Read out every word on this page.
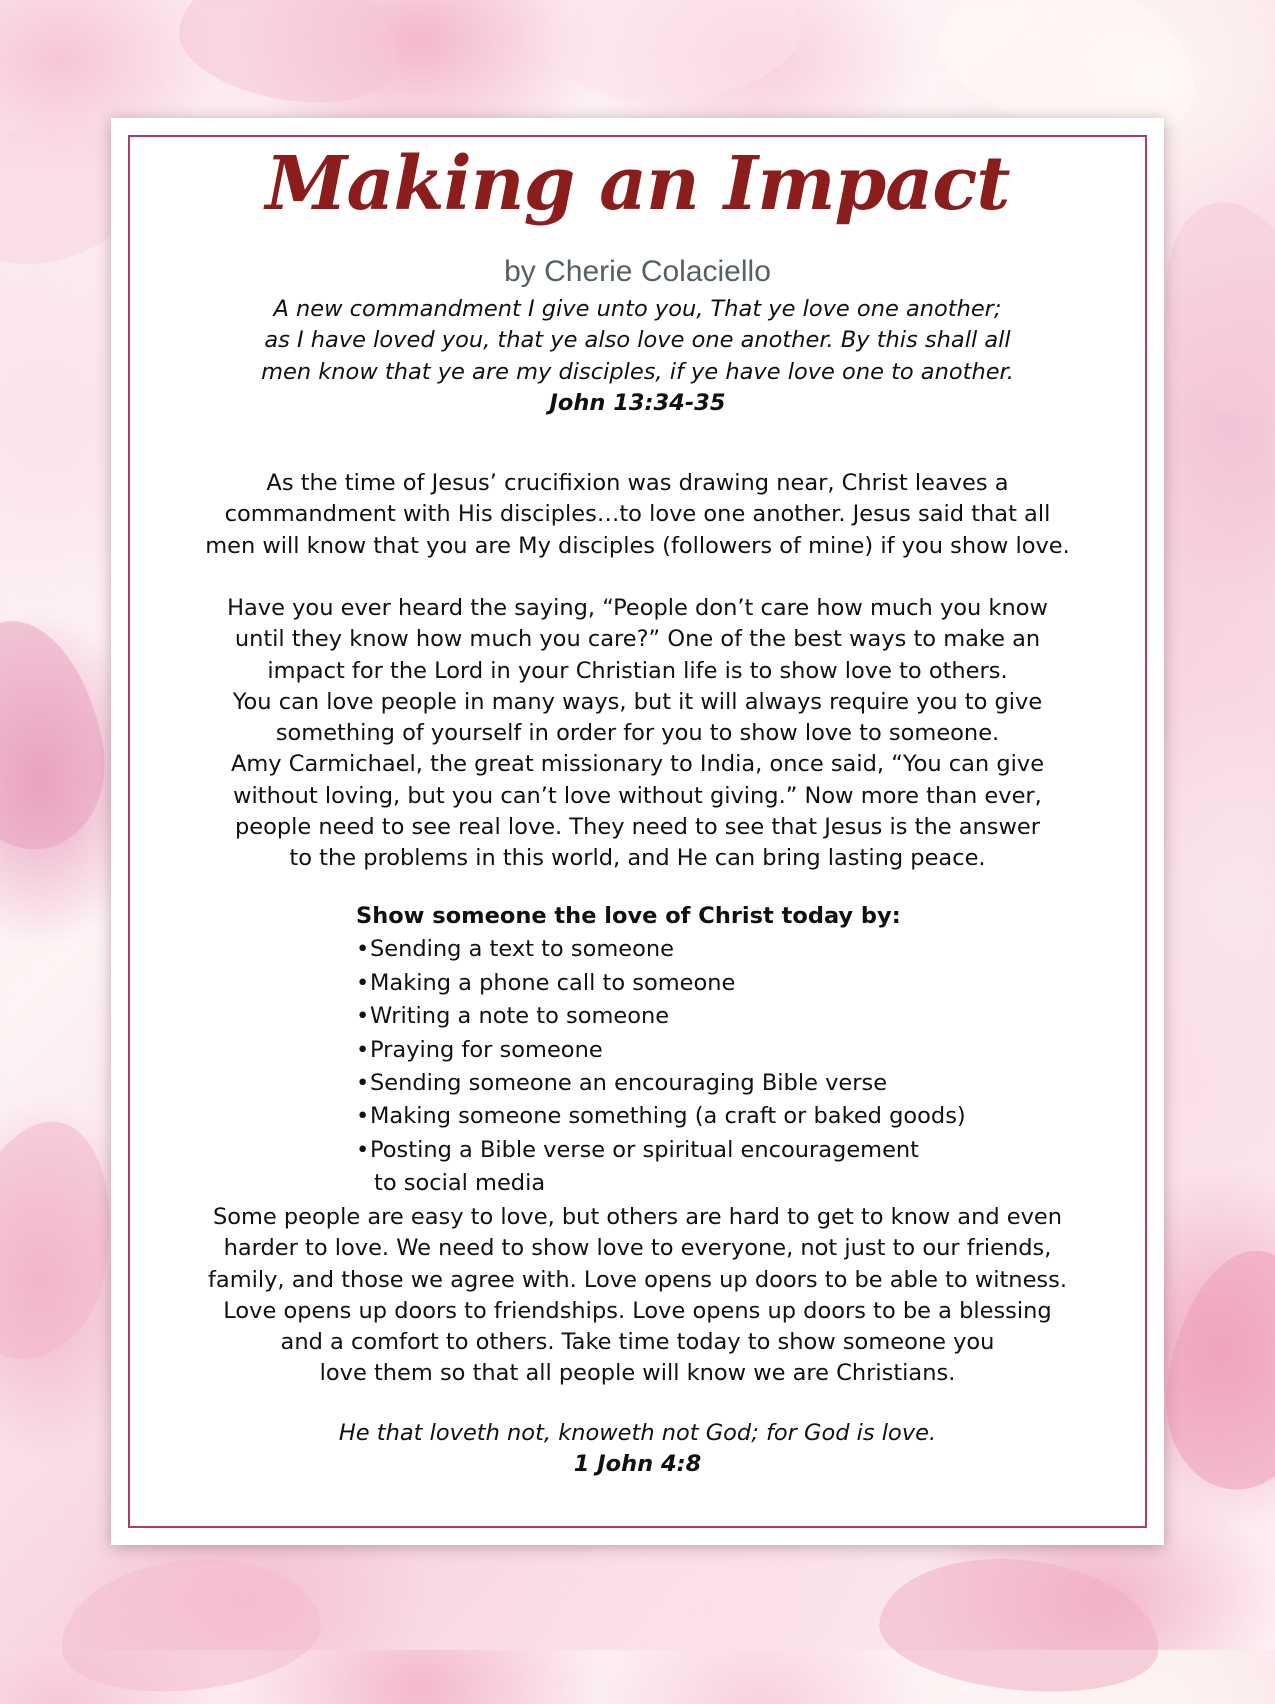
Making an Impact
by Cherie Colaciello
A new commandment I give unto you, That ye love one another;
as I have loved you, that ye also love one another. By this shall all
men know that ye are my disciples, if ye have love one to another.
John 13:34-35
As the time of Jesus’ crucifixion was drawing near, Christ leaves a
commandment with His disciples…to love one another. Jesus said that all
men will know that you are My disciples (followers of mine) if you show love.
Have you ever heard the saying, “People don’t care how much you know
until they know how much you care?” One of the best ways to make an
impact for the Lord in your Christian life is to show love to others.
You can love people in many ways, but it will always require you to give
something of yourself in order for you to show love to someone.
Amy Carmichael, the great missionary to India, once said, “You can give
without loving, but you can’t love without giving.” Now more than ever,
people need to see real love. They need to see that Jesus is the answer
to the problems in this world, and He can bring lasting peace.
Show someone the love of Christ today by:
•Sending a text to someone
•Making a phone call to someone
•Writing a note to someone
•Praying for someone
•Sending someone an encouraging Bible verse
•Making someone something (a craft or baked goods)
•Posting a Bible verse or spiritual encouragement
to social media
Some people are easy to love, but others are hard to get to know and even
harder to love. We need to show love to everyone, not just to our friends,
family, and those we agree with. Love opens up doors to be able to witness.
Love opens up doors to friendships. Love opens up doors to be a blessing
and a comfort to others. Take time today to show someone you
love them so that all people will know we are Christians.
He that loveth not, knoweth not God; for God is love.
1 John 4:8
